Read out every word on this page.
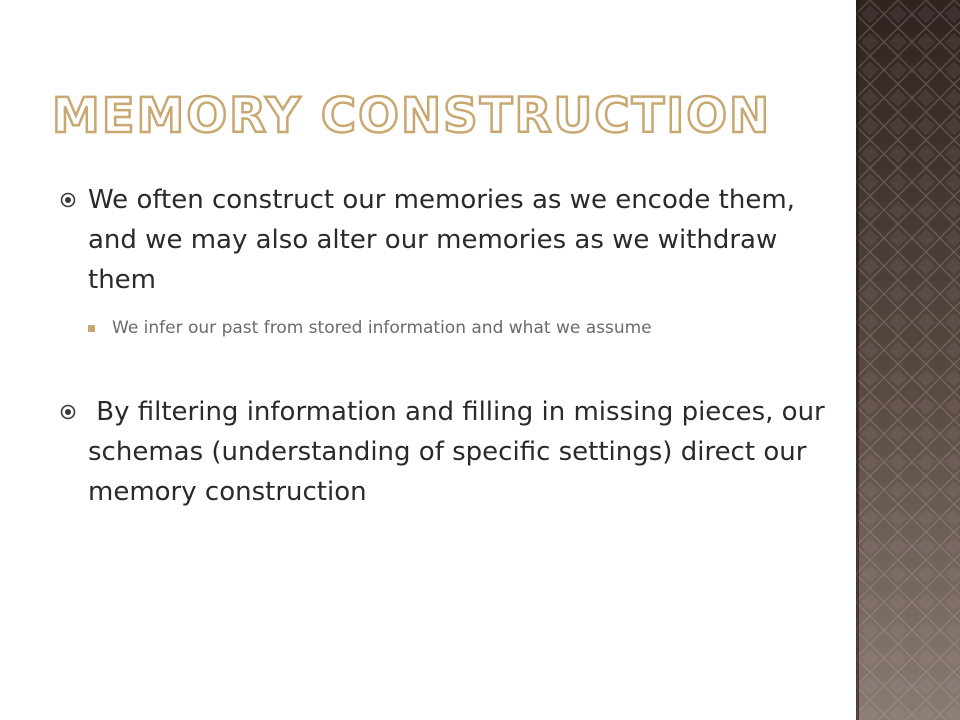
MEMORY CONSTRUCTION
We often construct our memories as we encode them, and we may also alter our memories as we withdraw them
We infer our past from stored information and what we assume
By filtering information and filling in missing pieces, our schemas (understanding of specific settings) direct our memory construction
